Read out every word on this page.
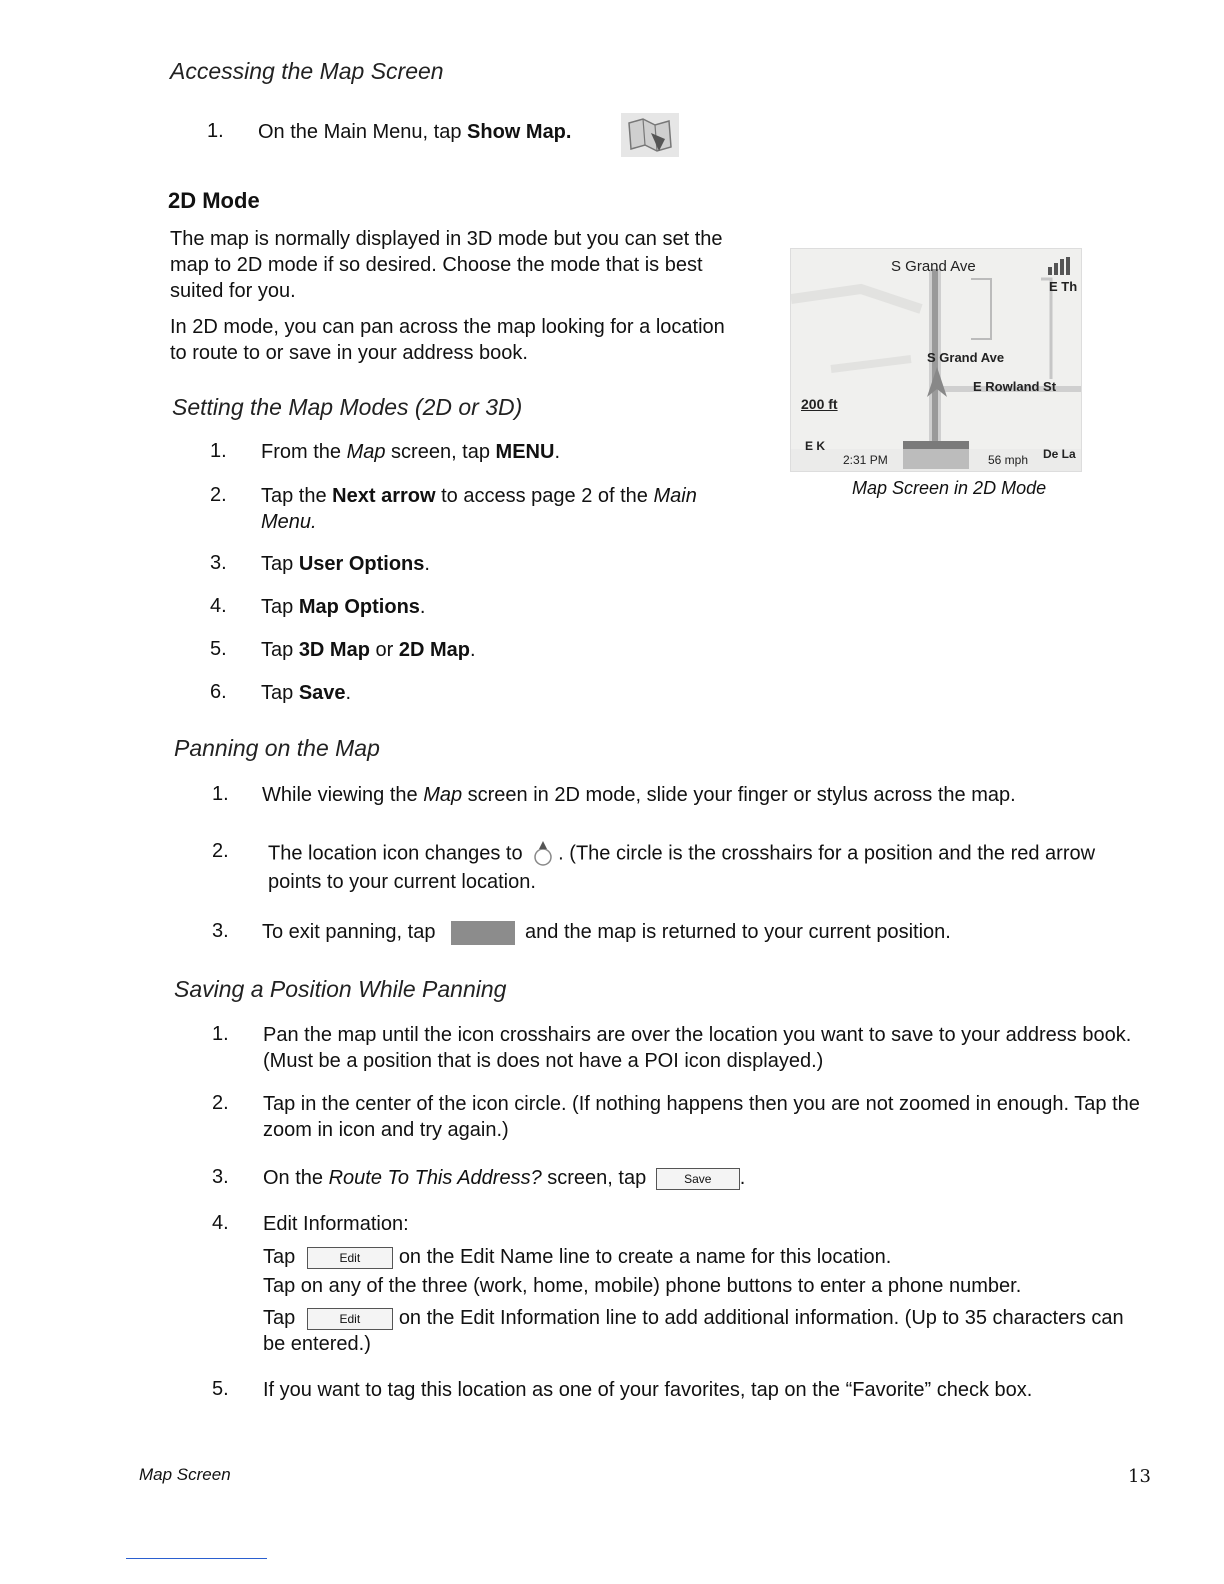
Accessing the Map Screen
1. On the Main Menu, tap Show Map.
2D Mode
The map is normally displayed in 3D mode but you can set the map to 2D mode if so desired. Choose the mode that is best suited for you.
In 2D mode, you can pan across the map looking for a location to route to or save in your address book.
Setting the Map Modes (2D or 3D)
1. From the Map screen, tap MENU.
2. Tap the Next arrow to access page 2 of the Main Menu.
3. Tap User Options.
4. Tap Map Options.
5. Tap 3D Map or 2D Map.
6. Tap Save.
S Grand Ave
E Th
S Grand Ave
E Rowland St
200 ft
E K
2:31 PM	56 mph De La
Map Screen in 2D Mode
Panning on the Map
1. While viewing the Map screen in 2D mode, slide your finger or stylus across the map.
2. The location icon changes to . (The circle is the crosshairs for a position and the red arrow points to your current location.
3. To exit panning, tap	and the map is returned to your current position.
Saving a Position While Panning
1. Pan the map until the icon crosshairs are over the location you want to save to your address book. (Must be a position that is does not have a POI icon displayed.)
2. Tap in the center of the icon circle. (If nothing happens then you are not zoomed in enough. Tap the zoom in icon and try again.)
3. On the Route To This Address? screen, tap	Save .
4. Edit Information:
Tap	Edit on the Edit Name line to create a name for this location.
Tap on any of the three (work, home, mobile) phone buttons to enter a phone number.
Tap	Edit on the Edit Information line to add additional information. (Up to 35 characters can be entered.)
5. If you want to tag this location as one of your favorites, tap on the “Favorite” check box.
Map Screen	13
